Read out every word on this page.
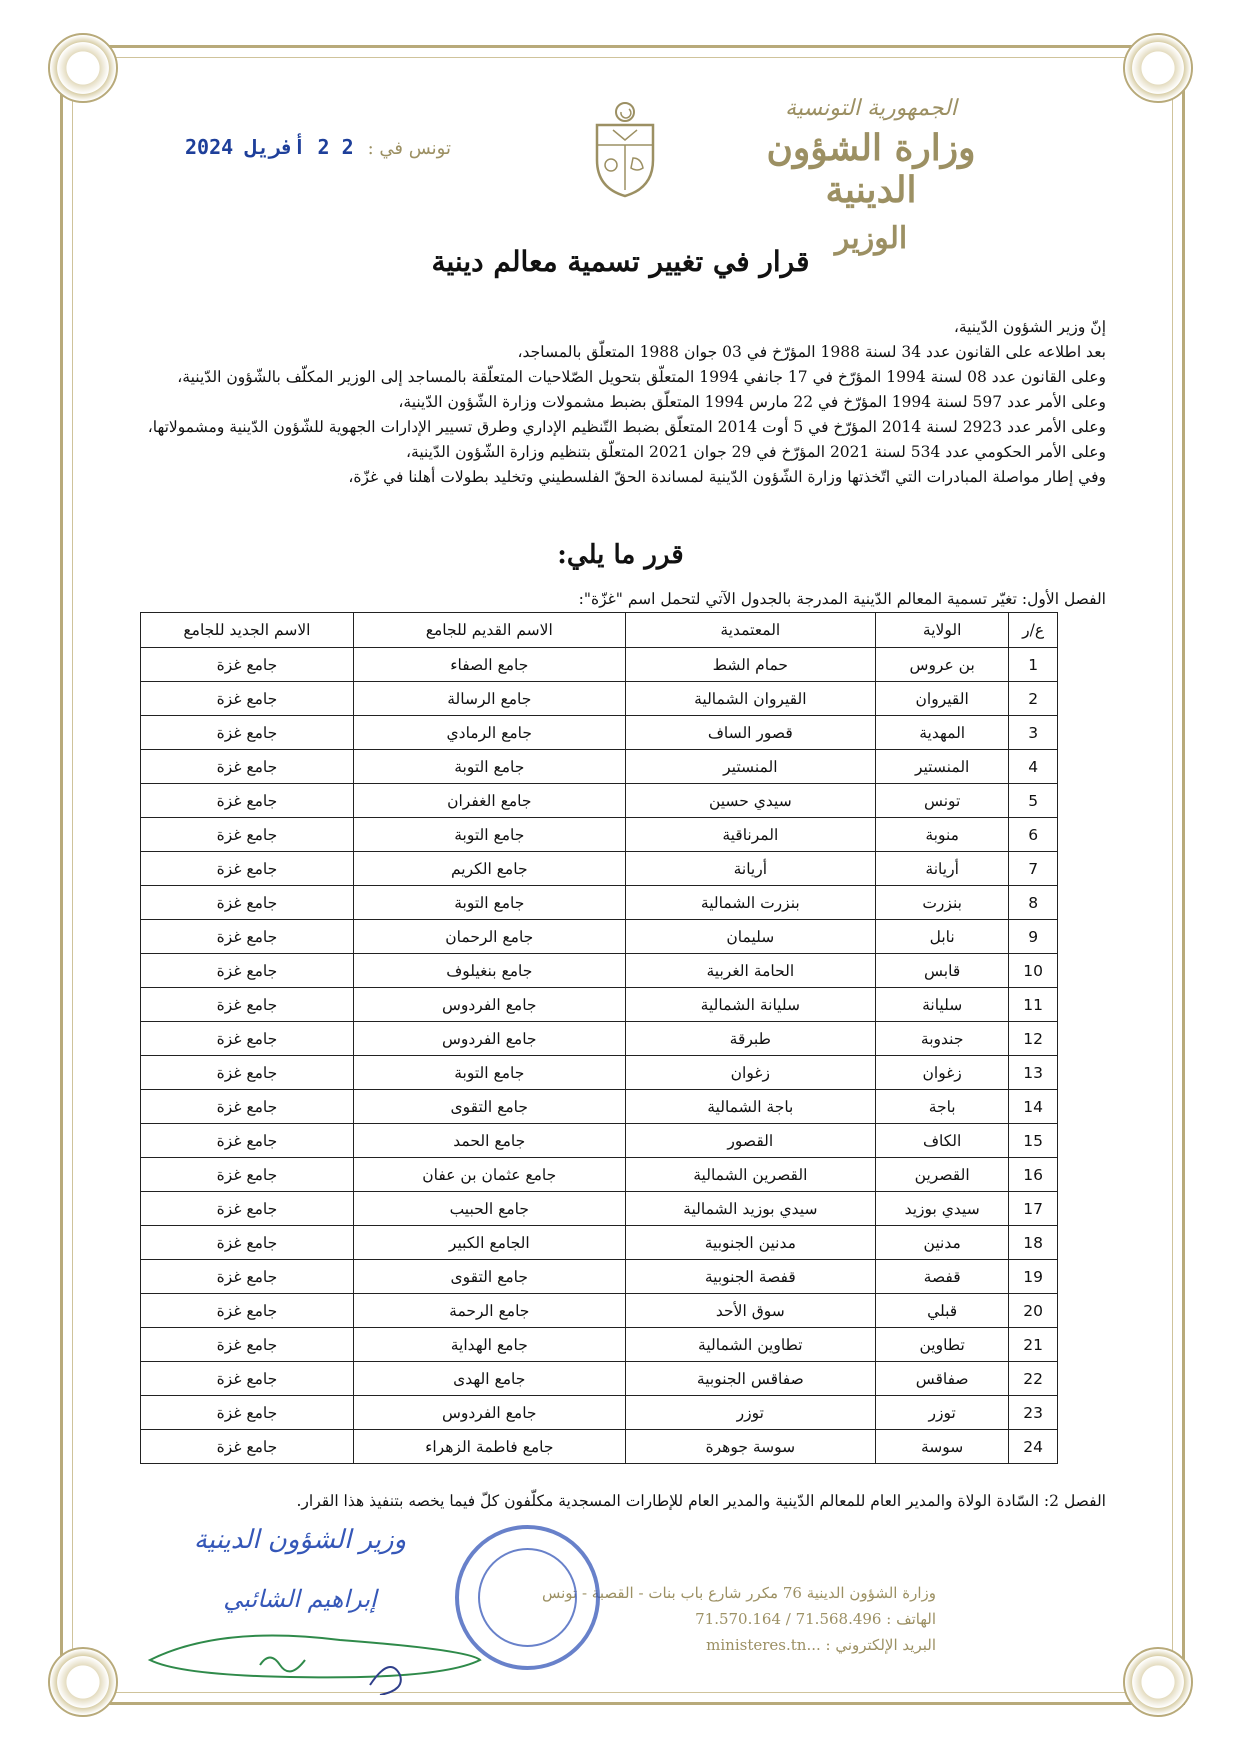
الجمهورية التونسية
وزارة الشؤون الدينية
الوزير
تونس في :
2 2 أفريل 2024
قرار في تغيير تسمية معالم دينية
إنّ وزير الشؤون الدّينية،
بعد اطلاعه على القانون عدد 34 لسنة 1988 المؤرّخ في 03 جوان 1988 المتعلّق بالمساجد،
وعلى القانون عدد 08 لسنة 1994 المؤرّخ في 17 جانفي 1994 المتعلّق بتحويل الصّلاحيات المتعلّقة بالمساجد إلى الوزير المكلّف بالشّؤون الدّينية،
وعلى الأمر عدد 597 لسنة 1994 المؤرّخ في 22 مارس 1994 المتعلّق بضبط مشمولات وزارة الشّؤون الدّينية،
وعلى الأمر عدد 2923 لسنة 2014 المؤرّخ في 5 أوت 2014 المتعلّق بضبط التّنظيم الإداري وطرق تسيير الإدارات الجهوية للشّؤون الدّينية ومشمولاتها،
وعلى الأمر الحكومي عدد 534 لسنة 2021 المؤرّخ في 29 جوان 2021 المتعلّق بتنظيم وزارة الشّؤون الدّينية،
وفي إطار مواصلة المبادرات التي اتّخذتها وزارة الشّؤون الدّينية لمساندة الحقّ الفلسطيني وتخليد بطولات أهلنا في غزّة،
قرر ما يلي:
الفصل الأول: تغيّر تسمية المعالم الدّينية المدرجة بالجدول الآتي لتحمل اسم "غزّة":
ع/ر	الولاية	المعتمدية	الاسم القديم للجامع	الاسم الجديد للجامع
1	بن عروس	حمام الشط	جامع الصفاء	جامع غزة
2	القيروان	القيروان الشمالية	جامع الرسالة	جامع غزة
3	المهدية	قصور الساف	جامع الرمادي	جامع غزة
4	المنستير	المنستير	جامع التوبة	جامع غزة
5	تونس	سيدي حسين	جامع الغفران	جامع غزة
6	منوبة	المرناقية	جامع التوبة	جامع غزة
7	أريانة	أريانة	جامع الكريم	جامع غزة
8	بنزرت	بنزرت الشمالية	جامع التوبة	جامع غزة
9	نابل	سليمان	جامع الرحمان	جامع غزة
10	قابس	الحامة الغربية	جامع بنغيلوف	جامع غزة
11	سليانة	سليانة الشمالية	جامع الفردوس	جامع غزة
12	جندوبة	طبرقة	جامع الفردوس	جامع غزة
13	زغوان	زغوان	جامع التوبة	جامع غزة
14	باجة	باجة الشمالية	جامع التقوى	جامع غزة
15	الكاف	القصور	جامع الحمد	جامع غزة
16	القصرين	القصرين الشمالية	جامع عثمان بن عفان	جامع غزة
17	سيدي بوزيد	سيدي بوزيد الشمالية	جامع الحبيب	جامع غزة
18	مدنين	مدنين الجنوبية	الجامع الكبير	جامع غزة
19	قفصة	قفصة الجنوبية	جامع التقوى	جامع غزة
20	قبلي	سوق الأحد	جامع الرحمة	جامع غزة
21	تطاوين	تطاوين الشمالية	جامع الهداية	جامع غزة
22	صفاقس	صفاقس الجنوبية	جامع الهدى	جامع غزة
23	توزر	توزر	جامع الفردوس	جامع غزة
24	سوسة	سوسة جوهرة	جامع فاطمة الزهراء	جامع غزة
الفصل 2: السّادة الولاة والمدير العام للمعالم الدّينية والمدير العام للإطارات المسجدية مكلّفون كلّ فيما يخصه بتنفيذ هذا القرار.
وزارة الشؤون الدينية 76 مكرر شارع باب بنات - القصبة - تونس
الهاتف : 71.568.496 / 71.570.164
البريد الإلكتروني : ...ministeres.tn
وزير الشؤون الدينية
إبراهيم الشائبي
